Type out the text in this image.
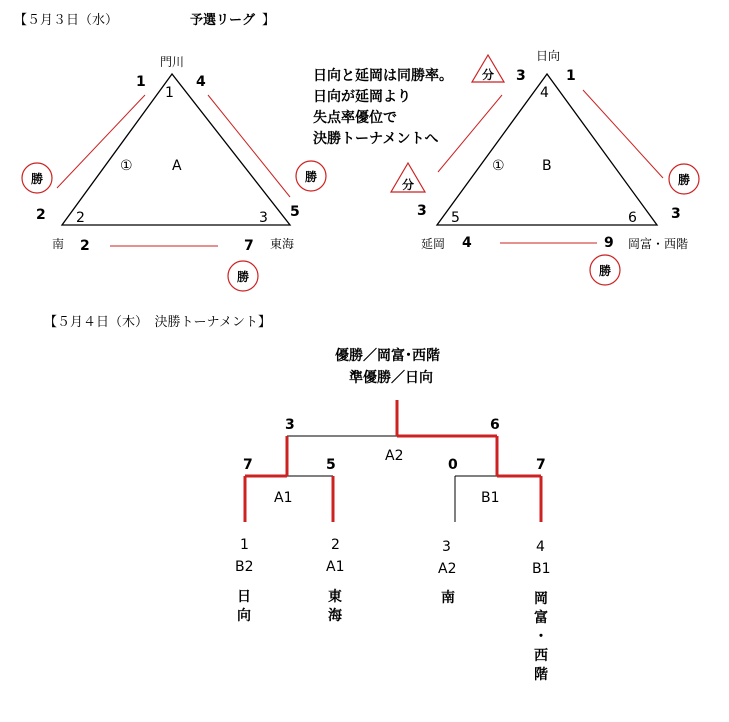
【５月３日（水）	予選リーグ 】
門川
南	東海
1
2	3
①	A
1	4
2	5
2	7
勝	勝
勝
日向と延岡は同勝率。
日向が延岡より
失点率優位で
決勝トーナメントへ
日向
延岡	岡富・西階
4
5	6
①	B
3	1
3	3
4	9
分
分	勝
勝
【５月４日（木）　決勝トーナメント】
優勝／岡富･西階
準優勝／日向
A2
A1	B1
3	6
7	5	0	7
1
B2
日
向
2
A1
東
海
3
A2
南
4
B1
岡
富
・
西
階
